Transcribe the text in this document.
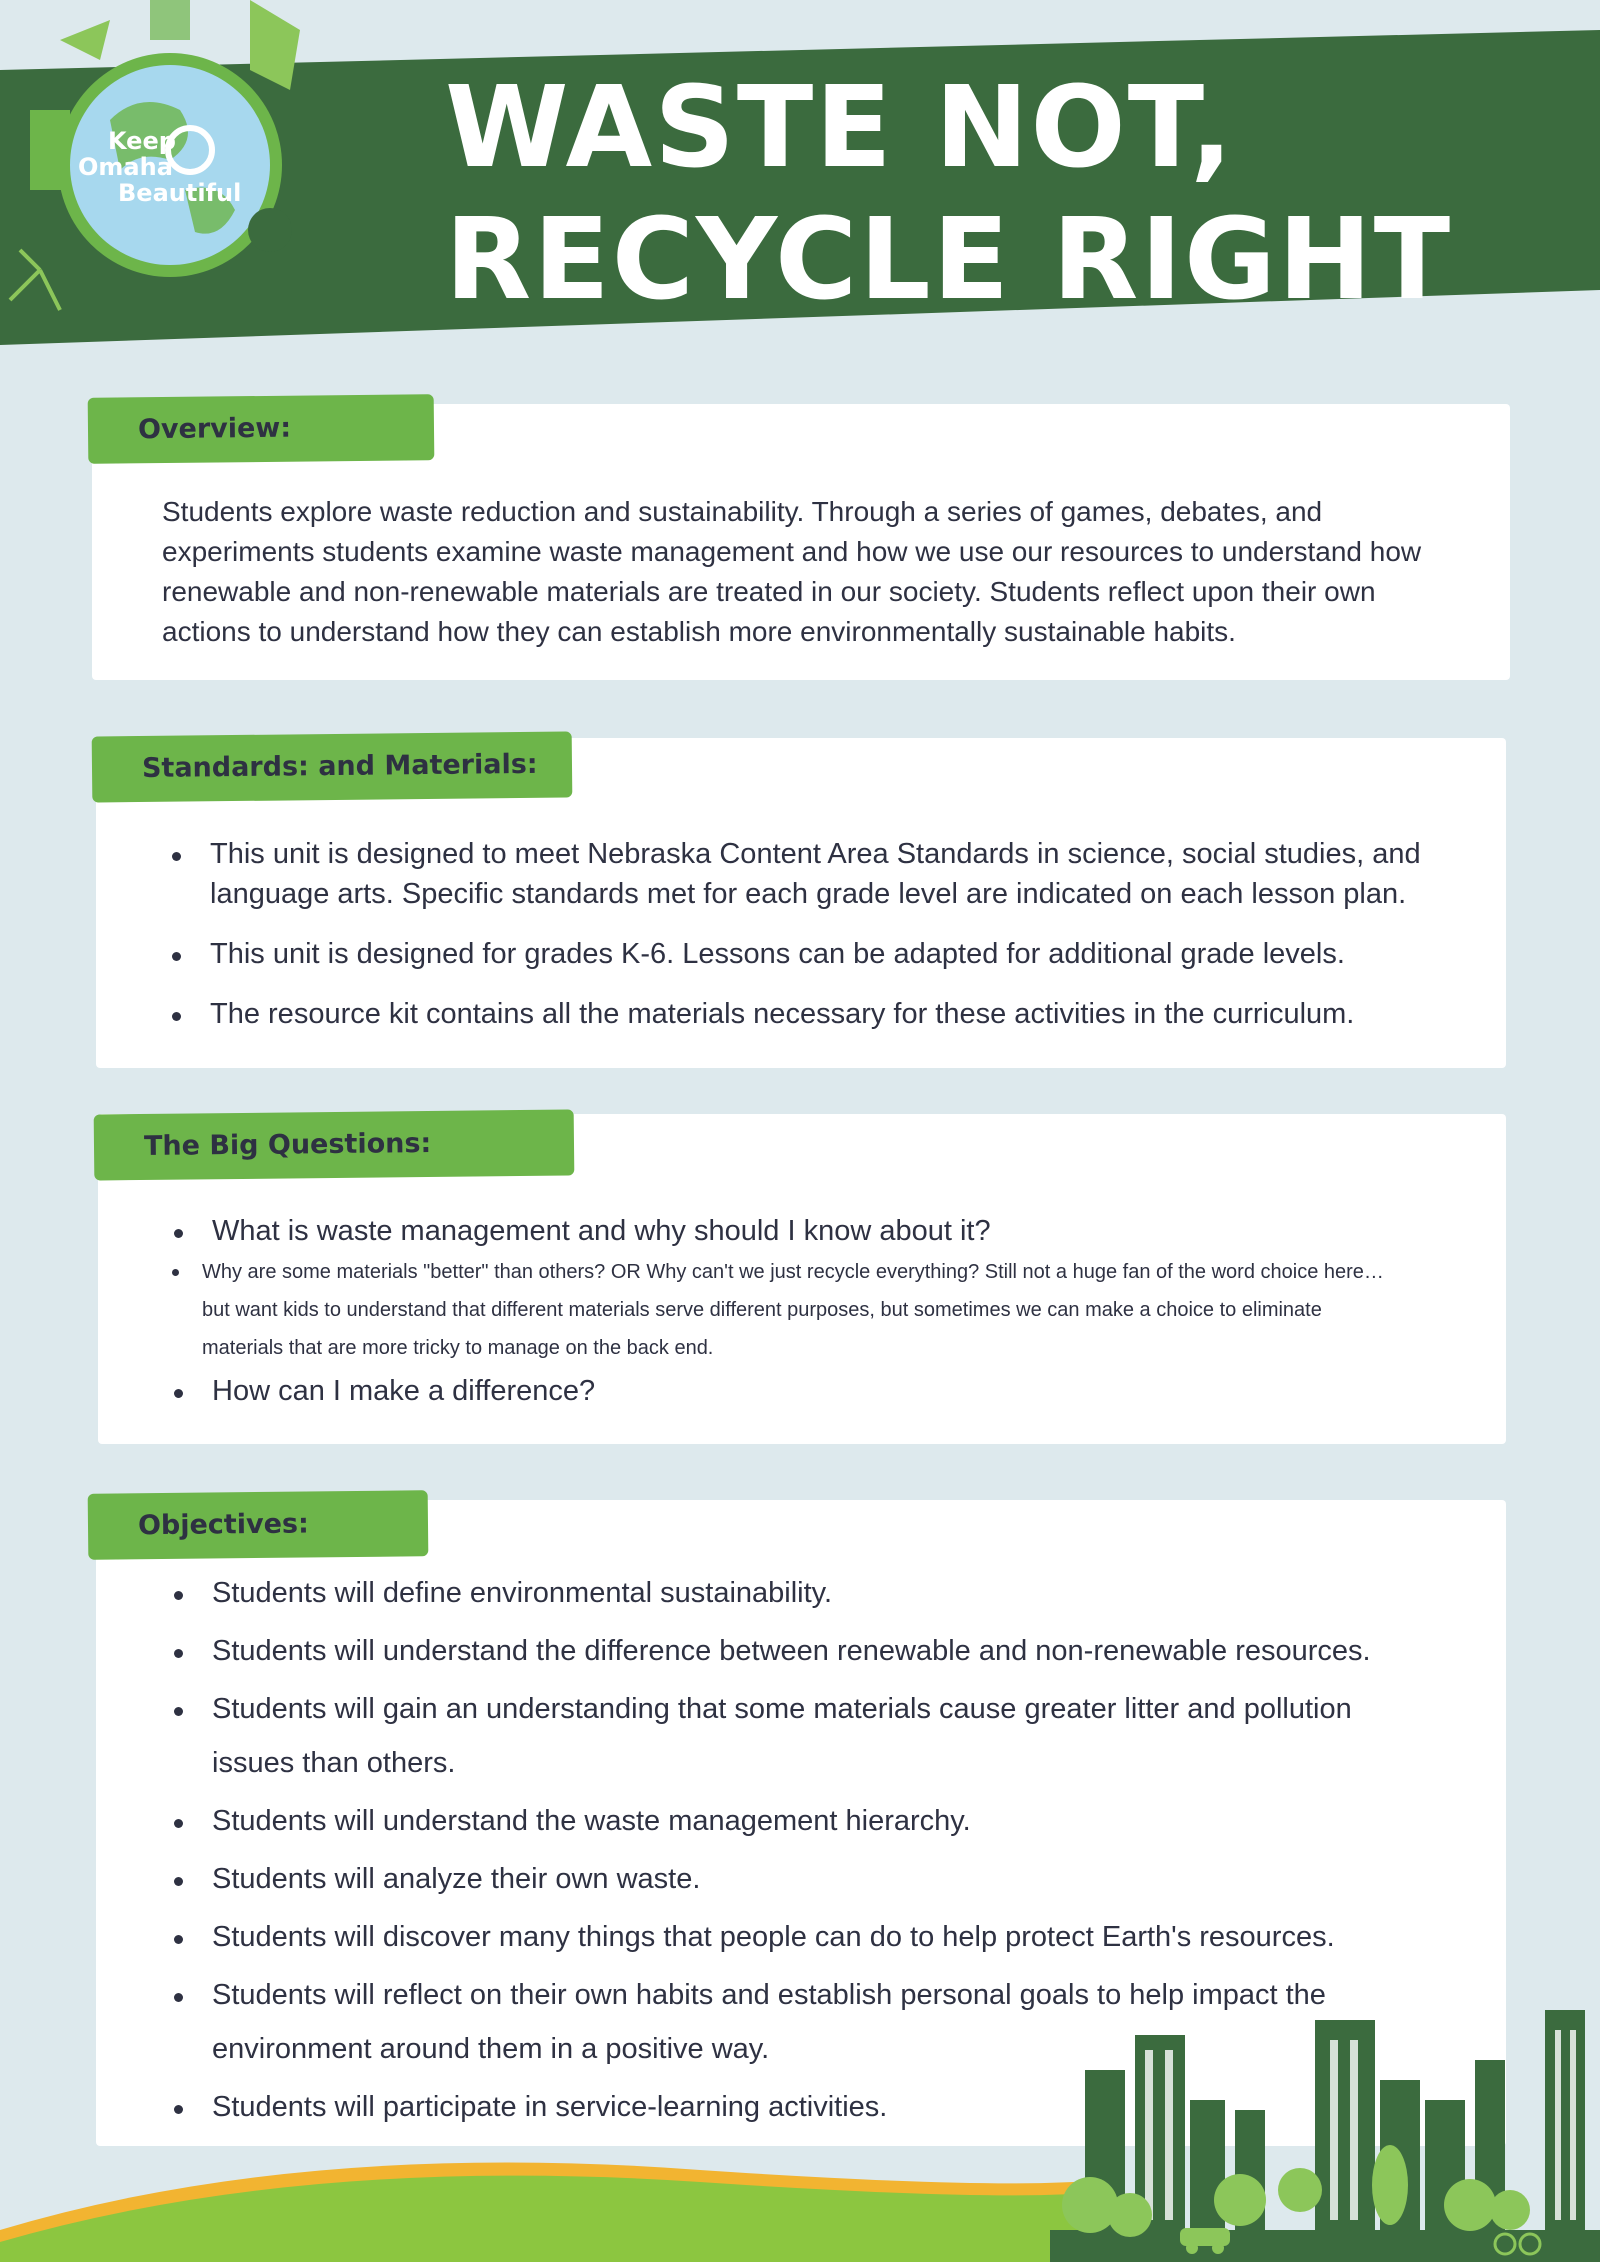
Keep
Omaha
Beautiful WASTE NOT,
RECYCLE RIGHT
Overview:

Students explore waste reduction and sustainability. Through a series of games, debates, and experiments students examine waste management and how we use our resources to understand how renewable and non-renewable materials are treated in our society. Students reflect upon their own actions to understand how they can establish more environmentally sustainable habits.

Standards: and Materials:
This unit is designed to meet Nebraska Content Area Standards in science, social studies, and language arts. Specific standards met for each grade level are indicated on each lesson plan.
This unit is designed for grades K-6. Lessons can be adapted for additional grade levels.
The resource kit contains all the materials necessary for these activities in the curriculum.
The Big Questions:
What is waste management and why should I know about it?
Why are some materials "better" than others? OR Why can't we just recycle everything? Still not a huge fan of the word choice here… but want kids to understand that different materials serve different purposes, but sometimes we can make a choice to eliminate materials that are more tricky to manage on the back end.
How can I make a difference?
Objectives:
Students will define environmental sustainability.
Students will understand the difference between renewable and non-renewable resources.
Students will gain an understanding that some materials cause greater litter and pollution issues than others.
Students will understand the waste management hierarchy.
Students will analyze their own waste.
Students will discover many things that people can do to help protect Earth's resources.
Students will reflect on their own habits and establish personal goals to help impact the environment around them in a positive way.
Students will participate in service-learning activities.
